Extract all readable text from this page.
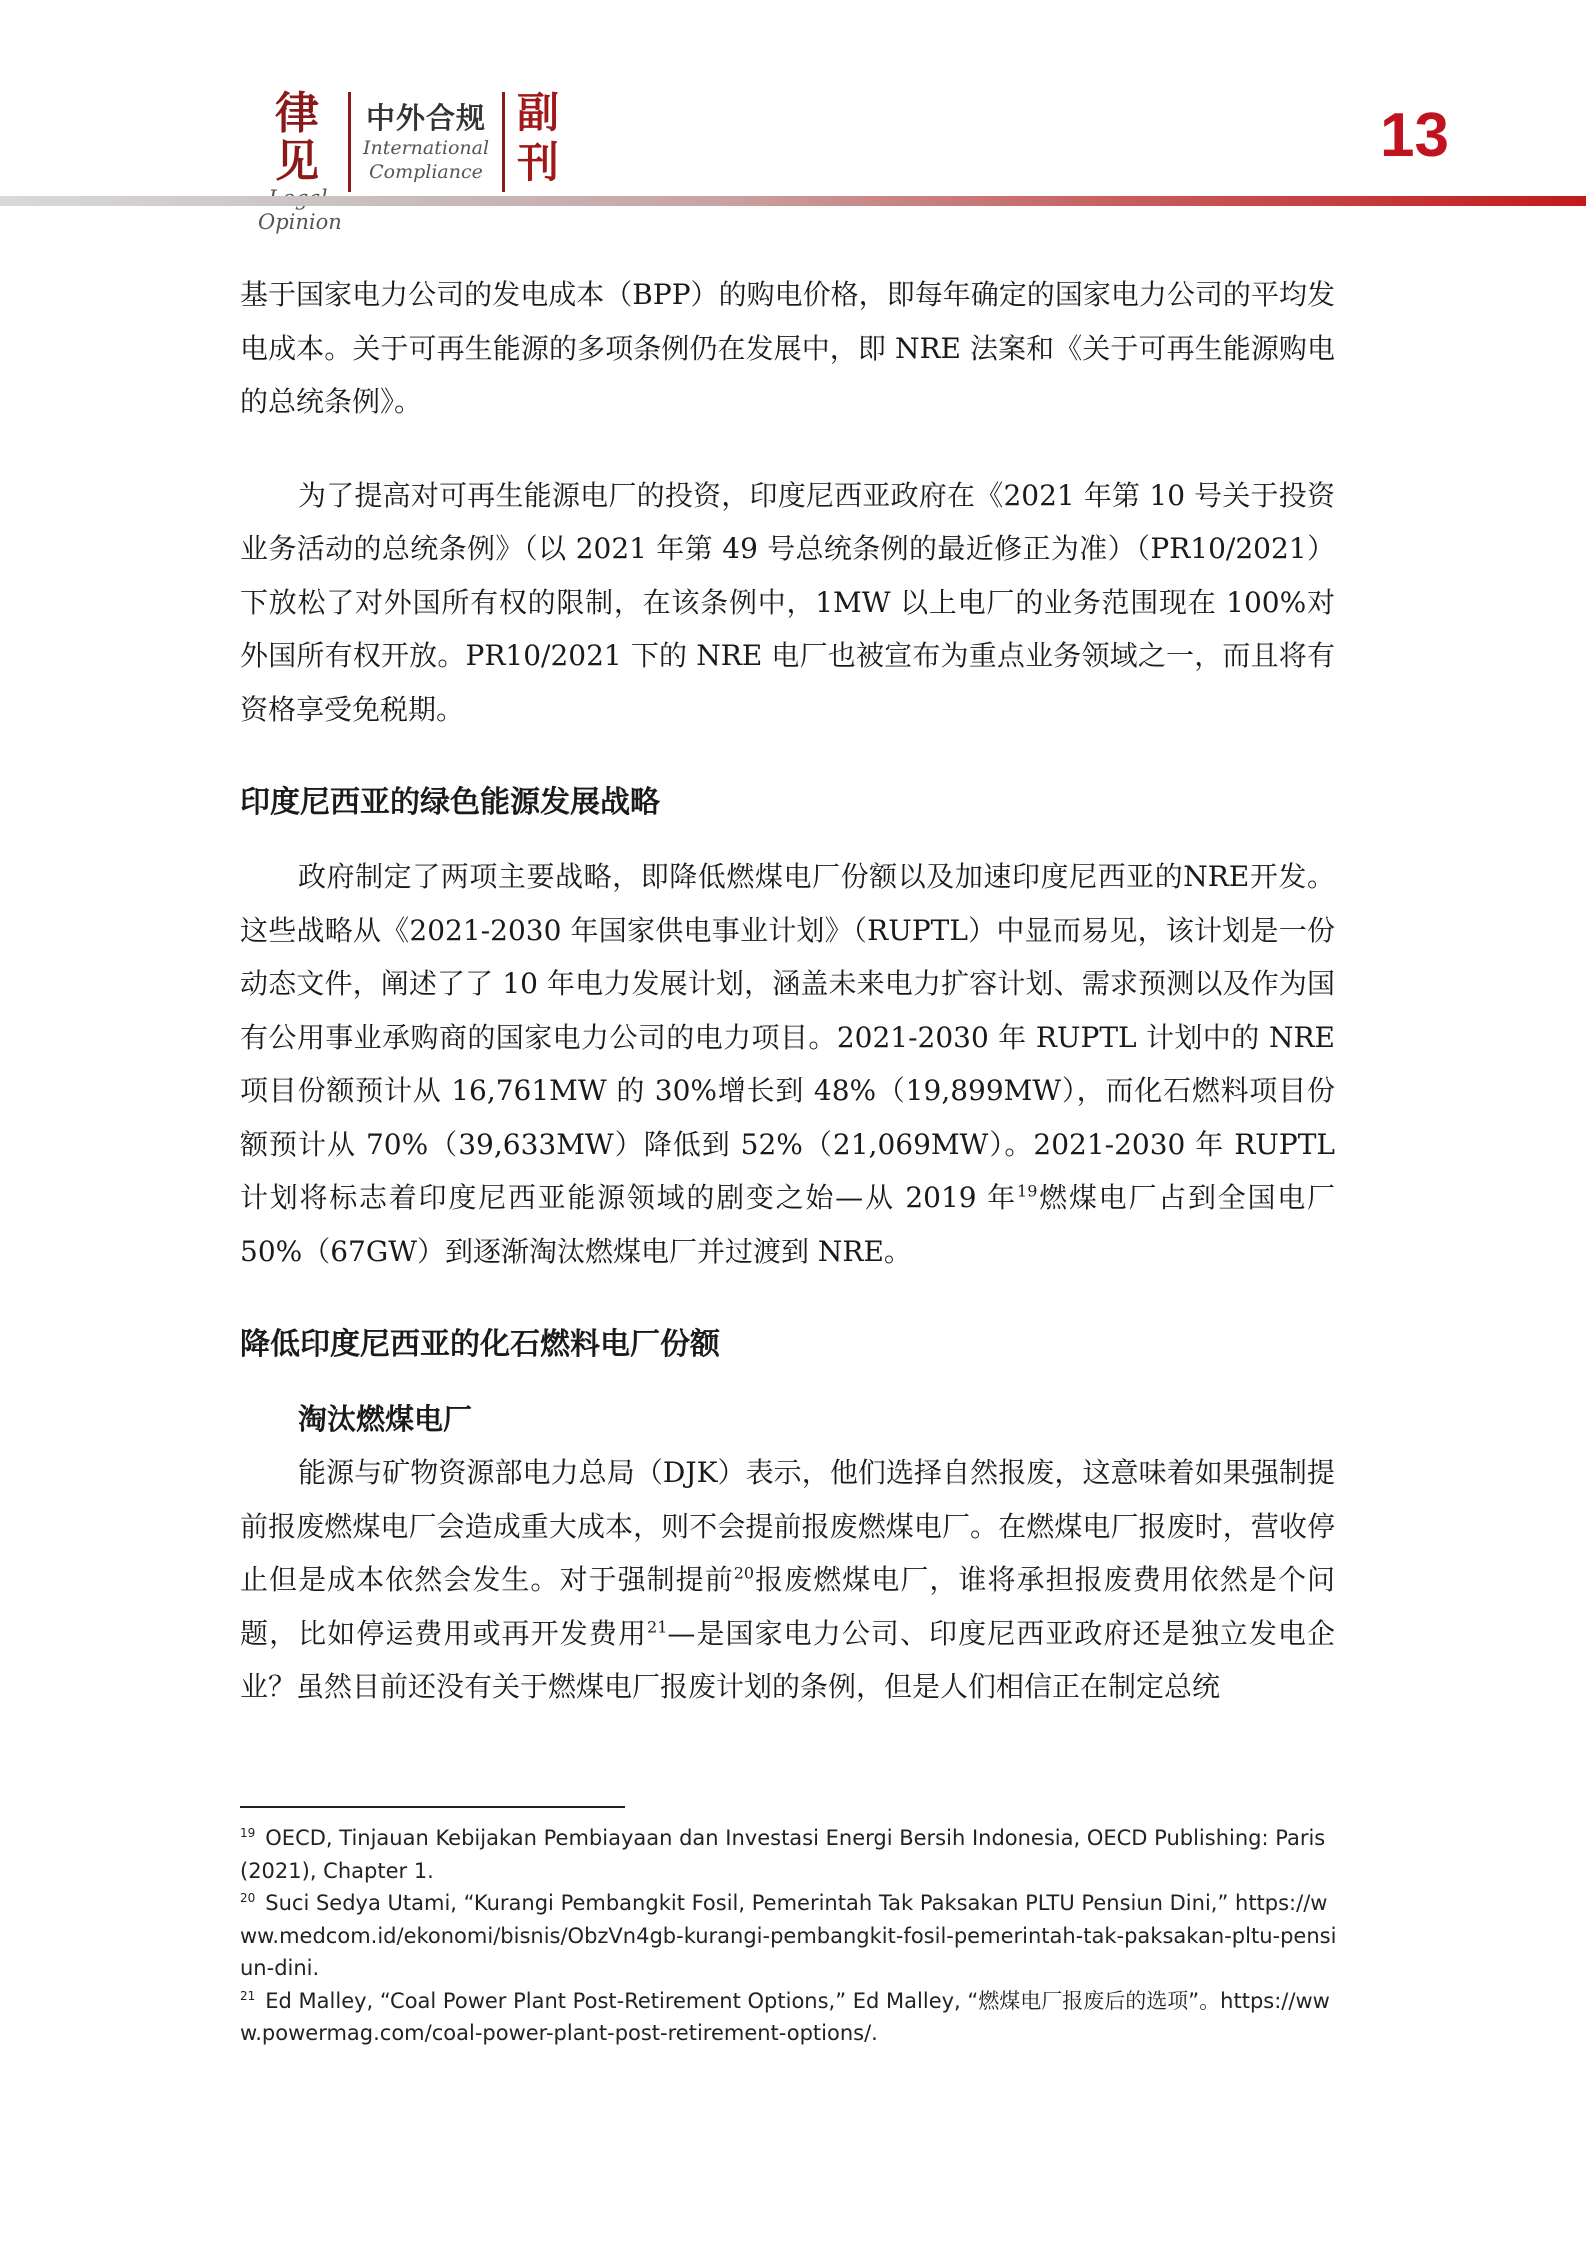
律见
Opinion
中外合规
International
Compliance
副
刊	13

基于国家电力公司的发电成本（BPP）的购电价格，即每年确定的国家电力公司的平均发电成本。关于可再生能源的多项条例仍在发展中，即 NRE 法案和《关于可再生能源购电的总统条例》。

为了提高对可再生能源电厂的投资，印度尼西亚政府在《2021 年第 10 号关于投资业务活动的总统条例》（以 2021 年第 49 号总统条例的最近修正为准）（PR10/2021）下放松了对外国所有权的限制，在该条例中，1MW 以上电厂的业务范围现在 100%对外国所有权开放。PR10/2021 下的 NRE 电厂也被宣布为重点业务领域之一，而且将有资格享受免税期。

印度尼西亚的绿色能源发展战略

政府制定了两项主要战略，即降低燃煤电厂份额以及加速印度尼西亚的NRE开发。这些战略从《2021-2030 年国家供电事业计划》（RUPTL）中显而易见，该计划是一份动态文件，阐述了了 10 年电力发展计划，涵盖未来电力扩容计划、需求预测以及作为国有公用事业承购商的国家电力公司的电力项目。2021-2030 年 RUPTL 计划中的 NRE 项目份额预计从 16,761MW 的 30%增长到 48%（19,899MW），而化石燃料项目份额预计从 70%（39,633MW）降低到 52%（21,069MW）。2021-2030 年 RUPTL 计划将标志着印度尼西亚能源领域的剧变之始—从 2019 年$^{19}$燃煤电厂占到全国电厂 50%（67GW）到逐渐淘汰燃煤电厂并过渡到 NRE。

降低印度尼西亚的化石燃料电厂份额
淘汰燃煤电厂

能源与矿物资源部电力总局（DJK）表示，他们选择自然报废，这意味着如果强制提前报废燃煤电厂会造成重大成本，则不会提前报废燃煤电厂。在燃煤电厂报废时，营收停止但是成本依然会发生。对于强制提前$^{20}$报废燃煤电厂，谁将承担报废费用依然是个问题，比如停运费用或再开发费用$^{21}$—是国家电力公司、印度尼西亚政府还是独立发电企业？虽然目前还没有关于燃煤电厂报废计划的条例，但是人们相信正在制定总统

$^{19}$ OECD, Tinjauan Kebijakan Pembiayaan dan Investasi Energi Bersih Indonesia, OECD Publishing: Paris (2021), Chapter 1.

$^{20}$ Suci Sedya Utami, “Kurangi Pembangkit Fosil, Pemerintah Tak Paksakan PLTU Pensiun Dini,” https://www.medcom.id/ekonomi/bisnis/ObzVn4gb-kurangi-pembangkit-fosil-pemerintah-tak-paksakan-pltu-pensiun-dini.

$^{21}$ Ed Malley, “Coal Power Plant Post-Retirement Options,” Ed Malley, “燃煤电厂报废后的选项”。https://www.powermag.com/coal-power-plant-post-retirement-options/.
